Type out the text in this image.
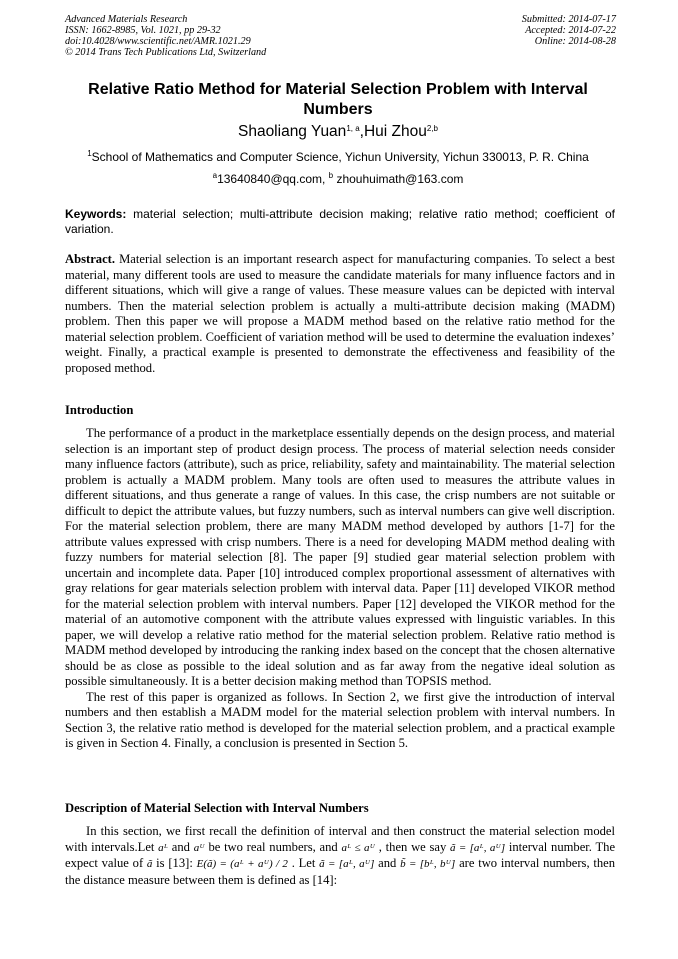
Advanced Materials Research
ISSN: 1662-8985, Vol. 1021, pp 29-32
doi:10.4028/www.scientific.net/AMR.1021.29
© 2014 Trans Tech Publications Ltd, Switzerland
Submitted: 2014-07-17
Accepted: 2014-07-22
Online: 2014-08-28
Relative Ratio Method for Material Selection Problem with Interval Numbers
Shaoliang Yuan$^{1, a}$,Hui Zhou$^{2,b}$
$^1$School of Mathematics and Computer Science, Yichun University, Yichun 330013, P. R. China
$^a$13640840@qq.com, $^b$ zhouhuimath@163.com
Keywords: material selection; multi-attribute decision making; relative ratio method; coefficient of variation.

Abstract. Material selection is an important research aspect for manufacturing companies. To select a best material, many different tools are used to measure the candidate materials for many influence factors and in different situations, which will give a range of values. These measure values can be depicted with interval numbers. Then the material selection problem is actually a multi-attribute decision making (MADM) problem. Then this paper we will propose a MADM method based on the relative ratio method for the material selection problem. Coefficient of variation method will be used to determine the evaluation indexes’ weight. Finally, a practical example is presented to demonstrate the effectiveness and feasibility of the proposed method.

Introduction

The performance of a product in the marketplace essentially depends on the design process, and material selection is an important step of product design process. The process of material selection needs consider many influence factors (attribute), such as price, reliability, safety and maintainability. The material selection problem is actually a MADM problem. Many tools are often used to measures the attribute values in different situations, and thus generate a range of values. In this case, the crisp numbers are not suitable or difficult to depict the attribute values, but fuzzy numbers, such as interval numbers can give well discription. For the material selection problem, there are many MADM method developed by authors [1-7] for the attribute values expressed with crisp numbers. There is a need for developing MADM method dealing with fuzzy numbers for material selection [8]. The paper [9] studied gear material selection problem with uncertain and incomplete data. Paper [10] introduced complex proportional assessment of alternatives with gray relations for gear materials selection problem with interval data. Paper [11] developed VIKOR method for the material selection problem with interval numbers. Paper [12] developed the VIKOR method for the material of an automotive component with the attribute values expressed with linguistic variables. In this paper, we will develop a relative ratio method for the material selection problem. Relative ratio method is MADM method developed by introducing the ranking index based on the concept that the chosen alternative should be as close as possible to the ideal solution and as far away from the negative ideal solution as possible simultaneously. It is a better decision making method than TOPSIS method.

The rest of this paper is organized as follows. In Section 2, we first give the introduction of interval numbers and then establish a MADM model for the material selection problem with interval numbers. In Section 3, the relative ratio method is developed for the material selection problem, and a practical example is given in Section 4. Finally, a conclusion is presented in Section 5.

Description of Material Selection with Interval Numbers

In this section, we first recall the definition of interval and then construct the material selection model with intervals.Let aᴸ and aᵁ be two real numbers, and aᴸ ≤ aᵁ , then we say ã = [aᴸ, aᵁ] interval number. The expect value of ã is [13]: E(ã) = (aᴸ + aᵁ) / 2 . Let ã = [aᴸ, aᵁ] and b̃ = [bᴸ, bᵁ] are two interval numbers, then the distance measure between them is defined as [14]:
